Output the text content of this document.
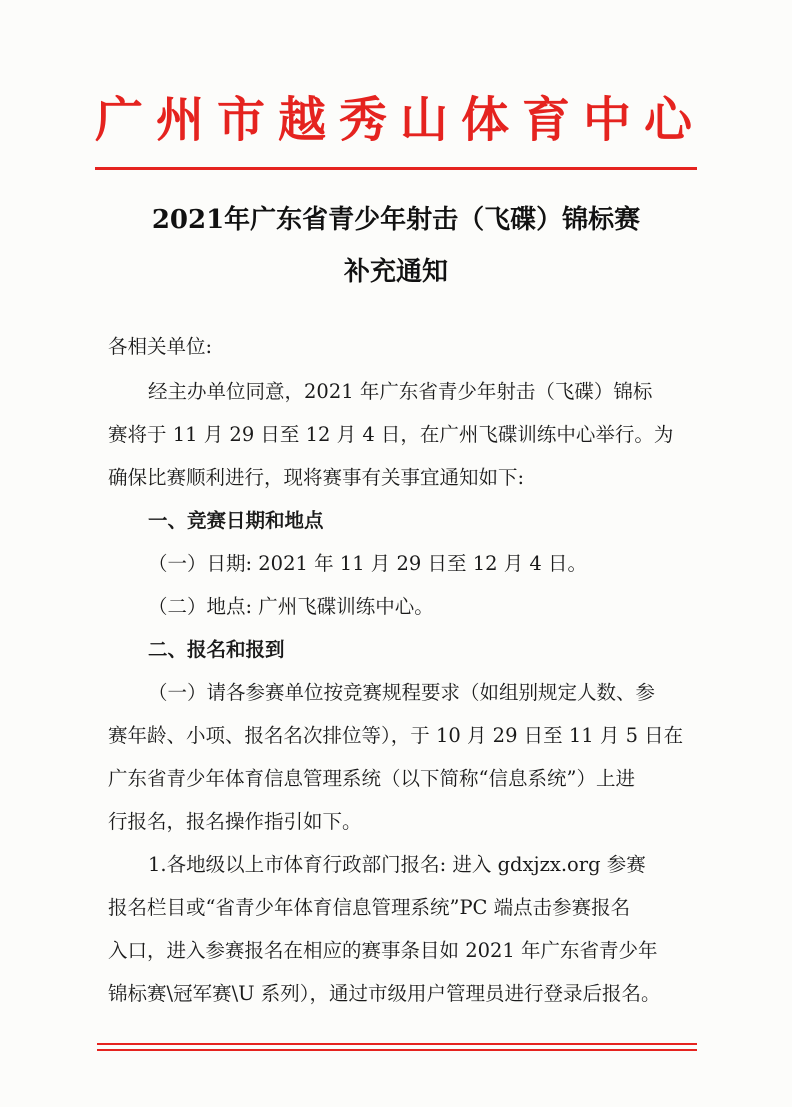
广州市越秀山体育中心
2021年广东省青少年射击（飞碟）锦标赛
补充通知
各相关单位:
经主办单位同意，2021 年广东省青少年射击（飞碟）锦标
赛将于 11 月 29 日至 12 月 4 日，在广州飞碟训练中心举行。为
确保比赛顺利进行，现将赛事有关事宜通知如下:
一、竞赛日期和地点
（一）日期: 2021 年 11 月 29 日至 12 月 4 日。
（二）地点: 广州飞碟训练中心。
二、报名和报到
（一）请各参赛单位按竞赛规程要求（如组别规定人数、参
赛年龄、小项、报名名次排位等），于 10 月 29 日至 11 月 5 日在
广东省青少年体育信息管理系统（以下简称“信息系统”）上进
行报名，报名操作指引如下。
1.各地级以上市体育行政部门报名: 进入 gdxjzx.org 参赛
报名栏目或“省青少年体育信息管理系统”PC 端点击参赛报名
入口，进入参赛报名在相应的赛事条目如 2021 年广东省青少年
锦标赛\冠军赛\U 系列），通过市级用户管理员进行登录后报名。
